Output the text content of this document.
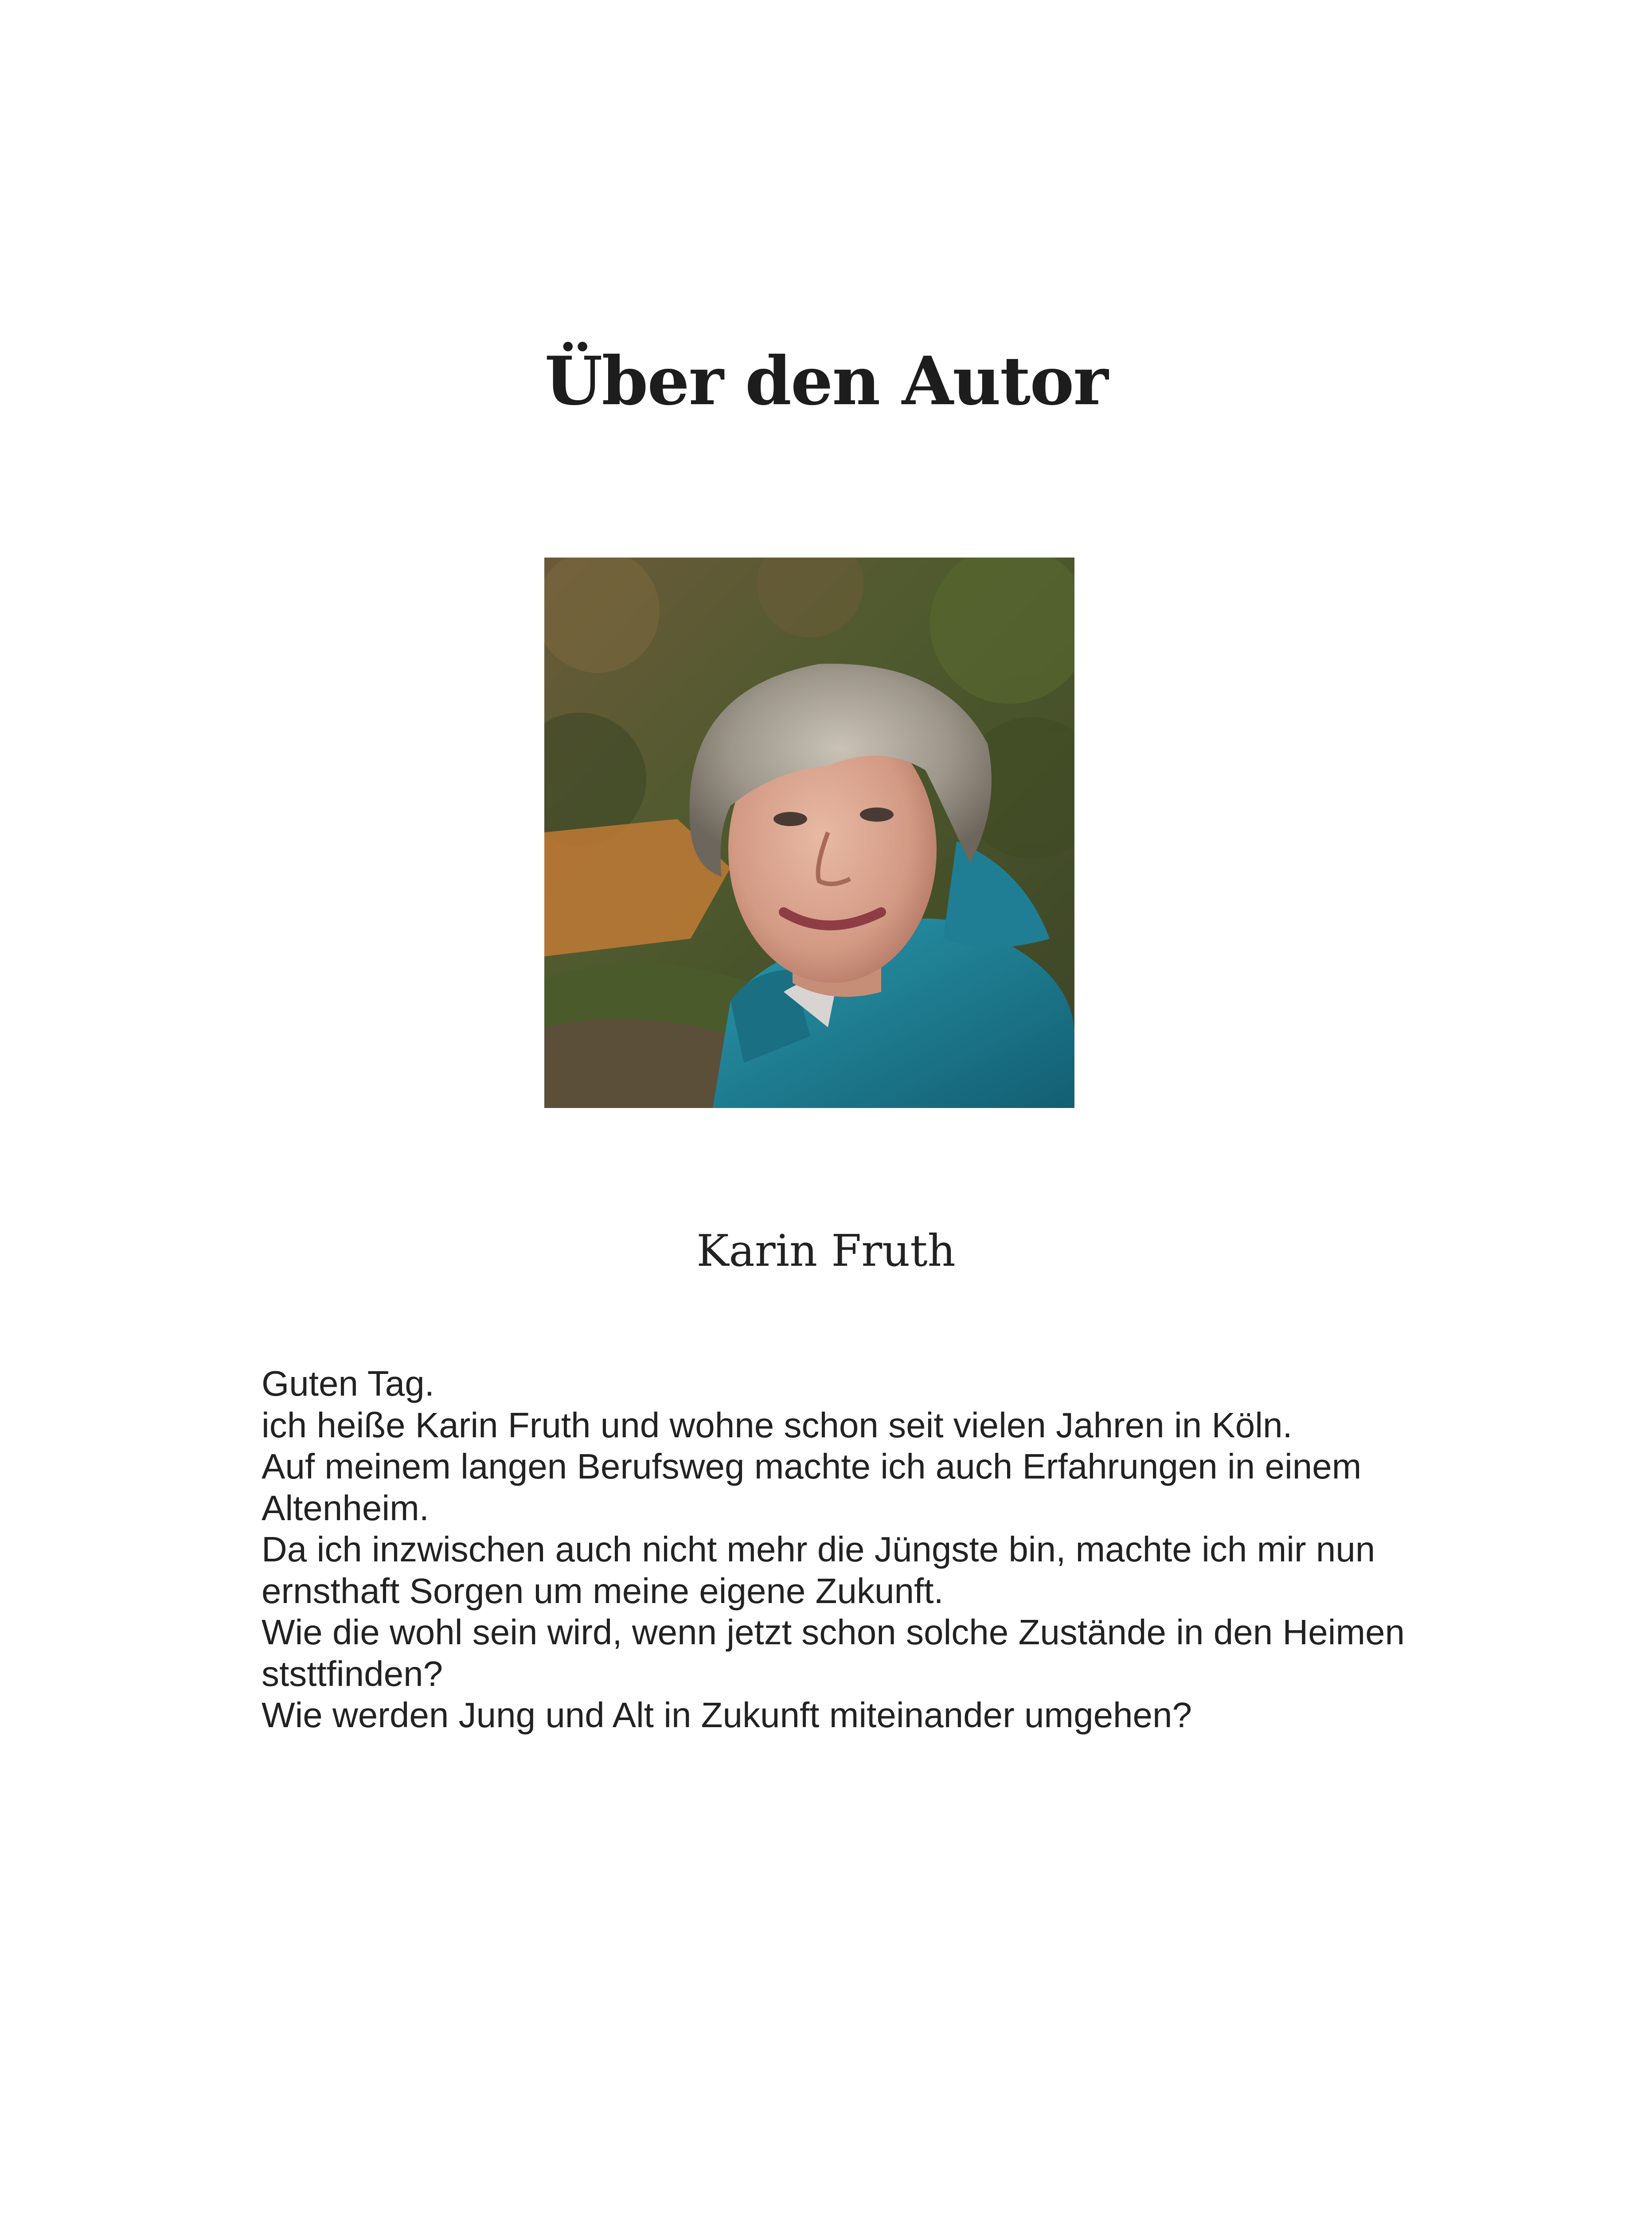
Über den Autor
Karin Fruth
Guten Tag.
ich heiße Karin Fruth und wohne schon seit vielen Jahren in Köln.
Auf meinem langen Berufsweg machte ich auch Erfahrungen in einem
Altenheim.
Da ich inzwischen auch nicht mehr die Jüngste bin, machte ich mir nun
ernsthaft Sorgen um meine eigene Zukunft.
Wie die wohl sein wird, wenn jetzt schon solche Zustände in den Heimen
ststtfinden?
Wie werden Jung und Alt in Zukunft miteinander umgehen?
